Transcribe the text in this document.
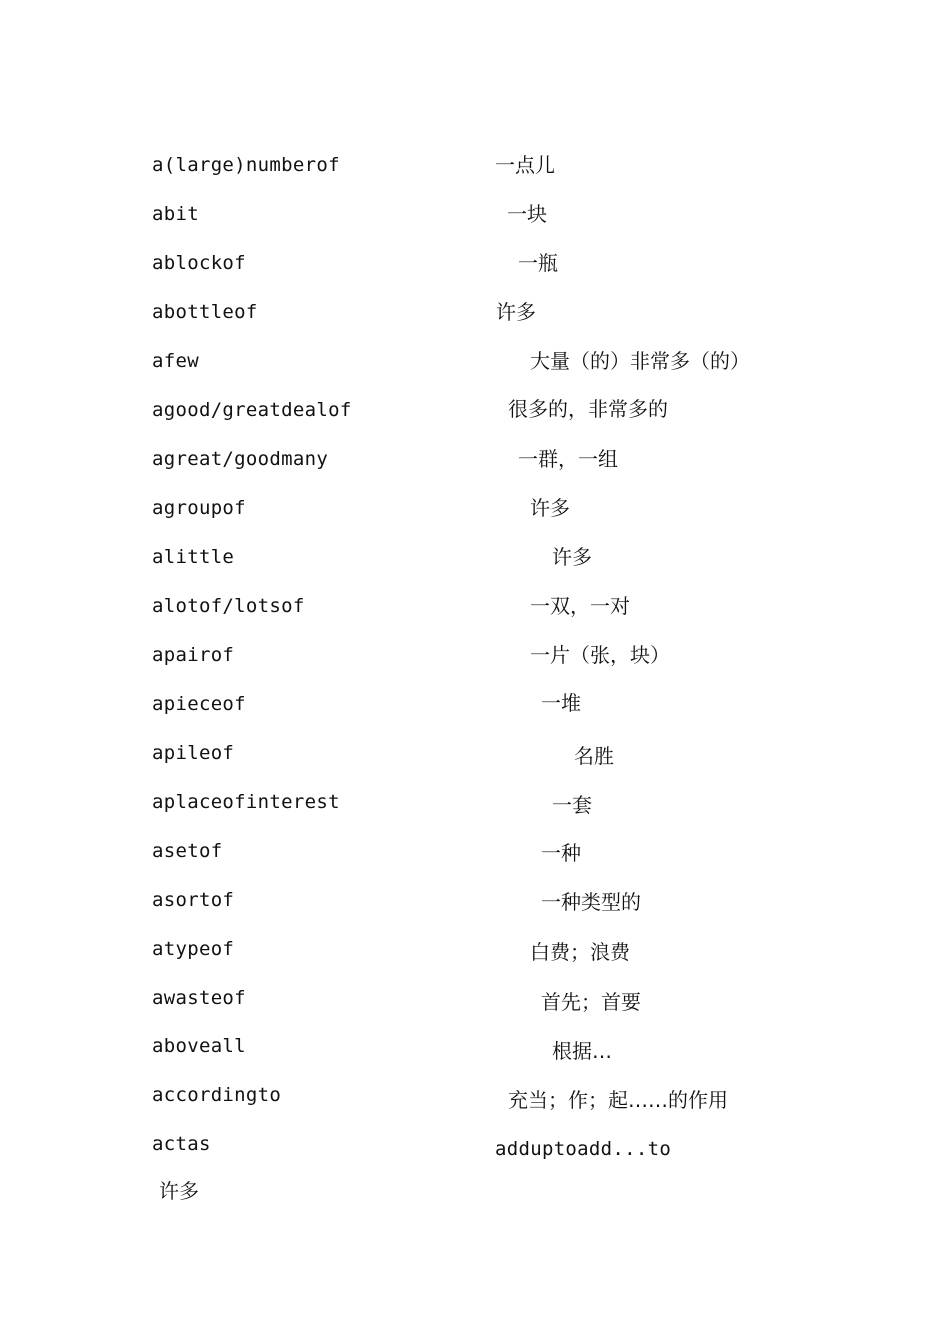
a(large)numberof
abit
ablockof
abottleof
afew
agood/greatdealof
agreat/goodmany
agroupof
alittle
alotof/lotsof
apairof
apieceof
apileof
aplaceofinterest
asetof
asortof
atypeof
awasteof
aboveall
accordingto
actas
一点儿
一块
一瓶
许多
大量（的）非常多（的）
很多的，非常多的
一群，一组
许多
许多
一双，一对
一片（张，块）
一堆
名胜
一套
一种
一种类型的
白费；浪费
首先；首要
根据…
充当；作；起……的作用
adduptoadd...to
许多
